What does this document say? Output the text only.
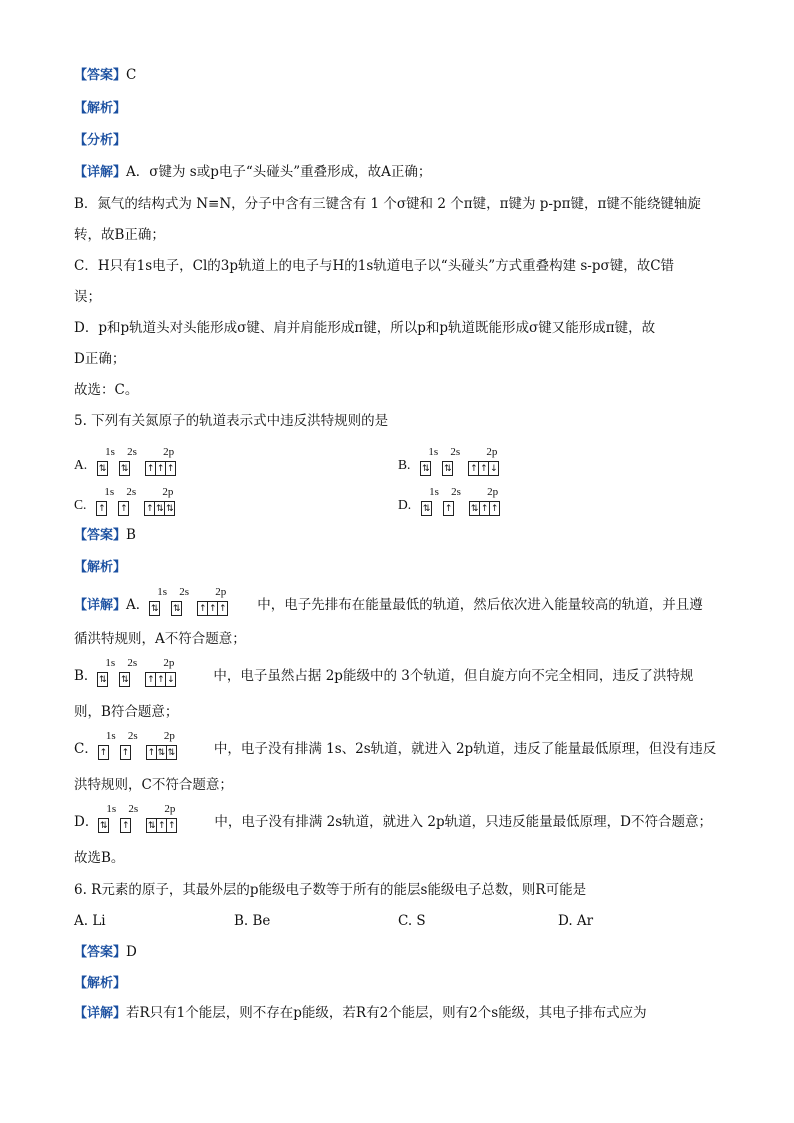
【答案】C
【解析】
【分析】
【详解】A．σ键为 s或p电子“头碰头”重叠形成，故A正确；
B．氮气的结构式为 N≡N，分子中含有三键含有 1 个σ键和 2 个π键，π键为 p-pπ键，π键不能绕键轴旋
转，故B正确；
C．H只有1s电子，Cl的3p轨道上的电子与H的1s轨道电子以“头碰头”方式重叠构建 s-pσ键，故C错
误；
D．p和p轨道头对头能形成σ键、肩并肩能形成π键，所以p和p轨道既能形成σ键又能形成π键，故
D正确；
故选：C。
5. 下列有关氮原子的轨道表示式中违反洪特规则的是
A.
1s 2s 2p
⇅ ⇅ ↑ ↑ ↑	B.
1s 2s 2p
⇅ ⇅ ↑ ↑ ↓
C.
1s 2s 2p
↑ ↑ ↑ ⇅ ⇅	D.
1s 2s 2p
⇅ ↑ ⇅ ↑ ↑
【答案】B
【解析】
【详解】A．
1s 2s 2p
⇅ ⇅ ↑ ↑ ↑ 中，电子先排布在能量最低的轨道，然后依次进入能量较高的轨道，并且遵
循洪特规则，A不符合题意；
B．
1s 2s 2p
⇅ ⇅ ↑ ↑ ↓	中，电子虽然占据 2p能级中的 3个轨道，但自旋方向不完全相同，违反了洪特规
则，B符合题意；
C．
1s 2s 2p
↑ ↑ ↑ ⇅ ⇅	中，电子没有排满 1s、2s轨道，就进入 2p轨道，违反了能量最低原理，但没有违反
洪特规则，C不符合题意；
D．
1s 2s 2p
⇅ ↑ ⇅ ↑ ↑	中，电子没有排满 2s轨道，就进入 2p轨道，只违反能量最低原理，D不符合题意；
故选B。
6. R元素的原子，其最外层的p能级电子数等于所有的能层s能级电子总数，则R可能是
A. Li	B. Be	C. S	D. Ar
【答案】D
【解析】
【详解】若R只有1个能层，则不存在p能级，若R有2个能层，则有2个s能级，其电子排布式应为
